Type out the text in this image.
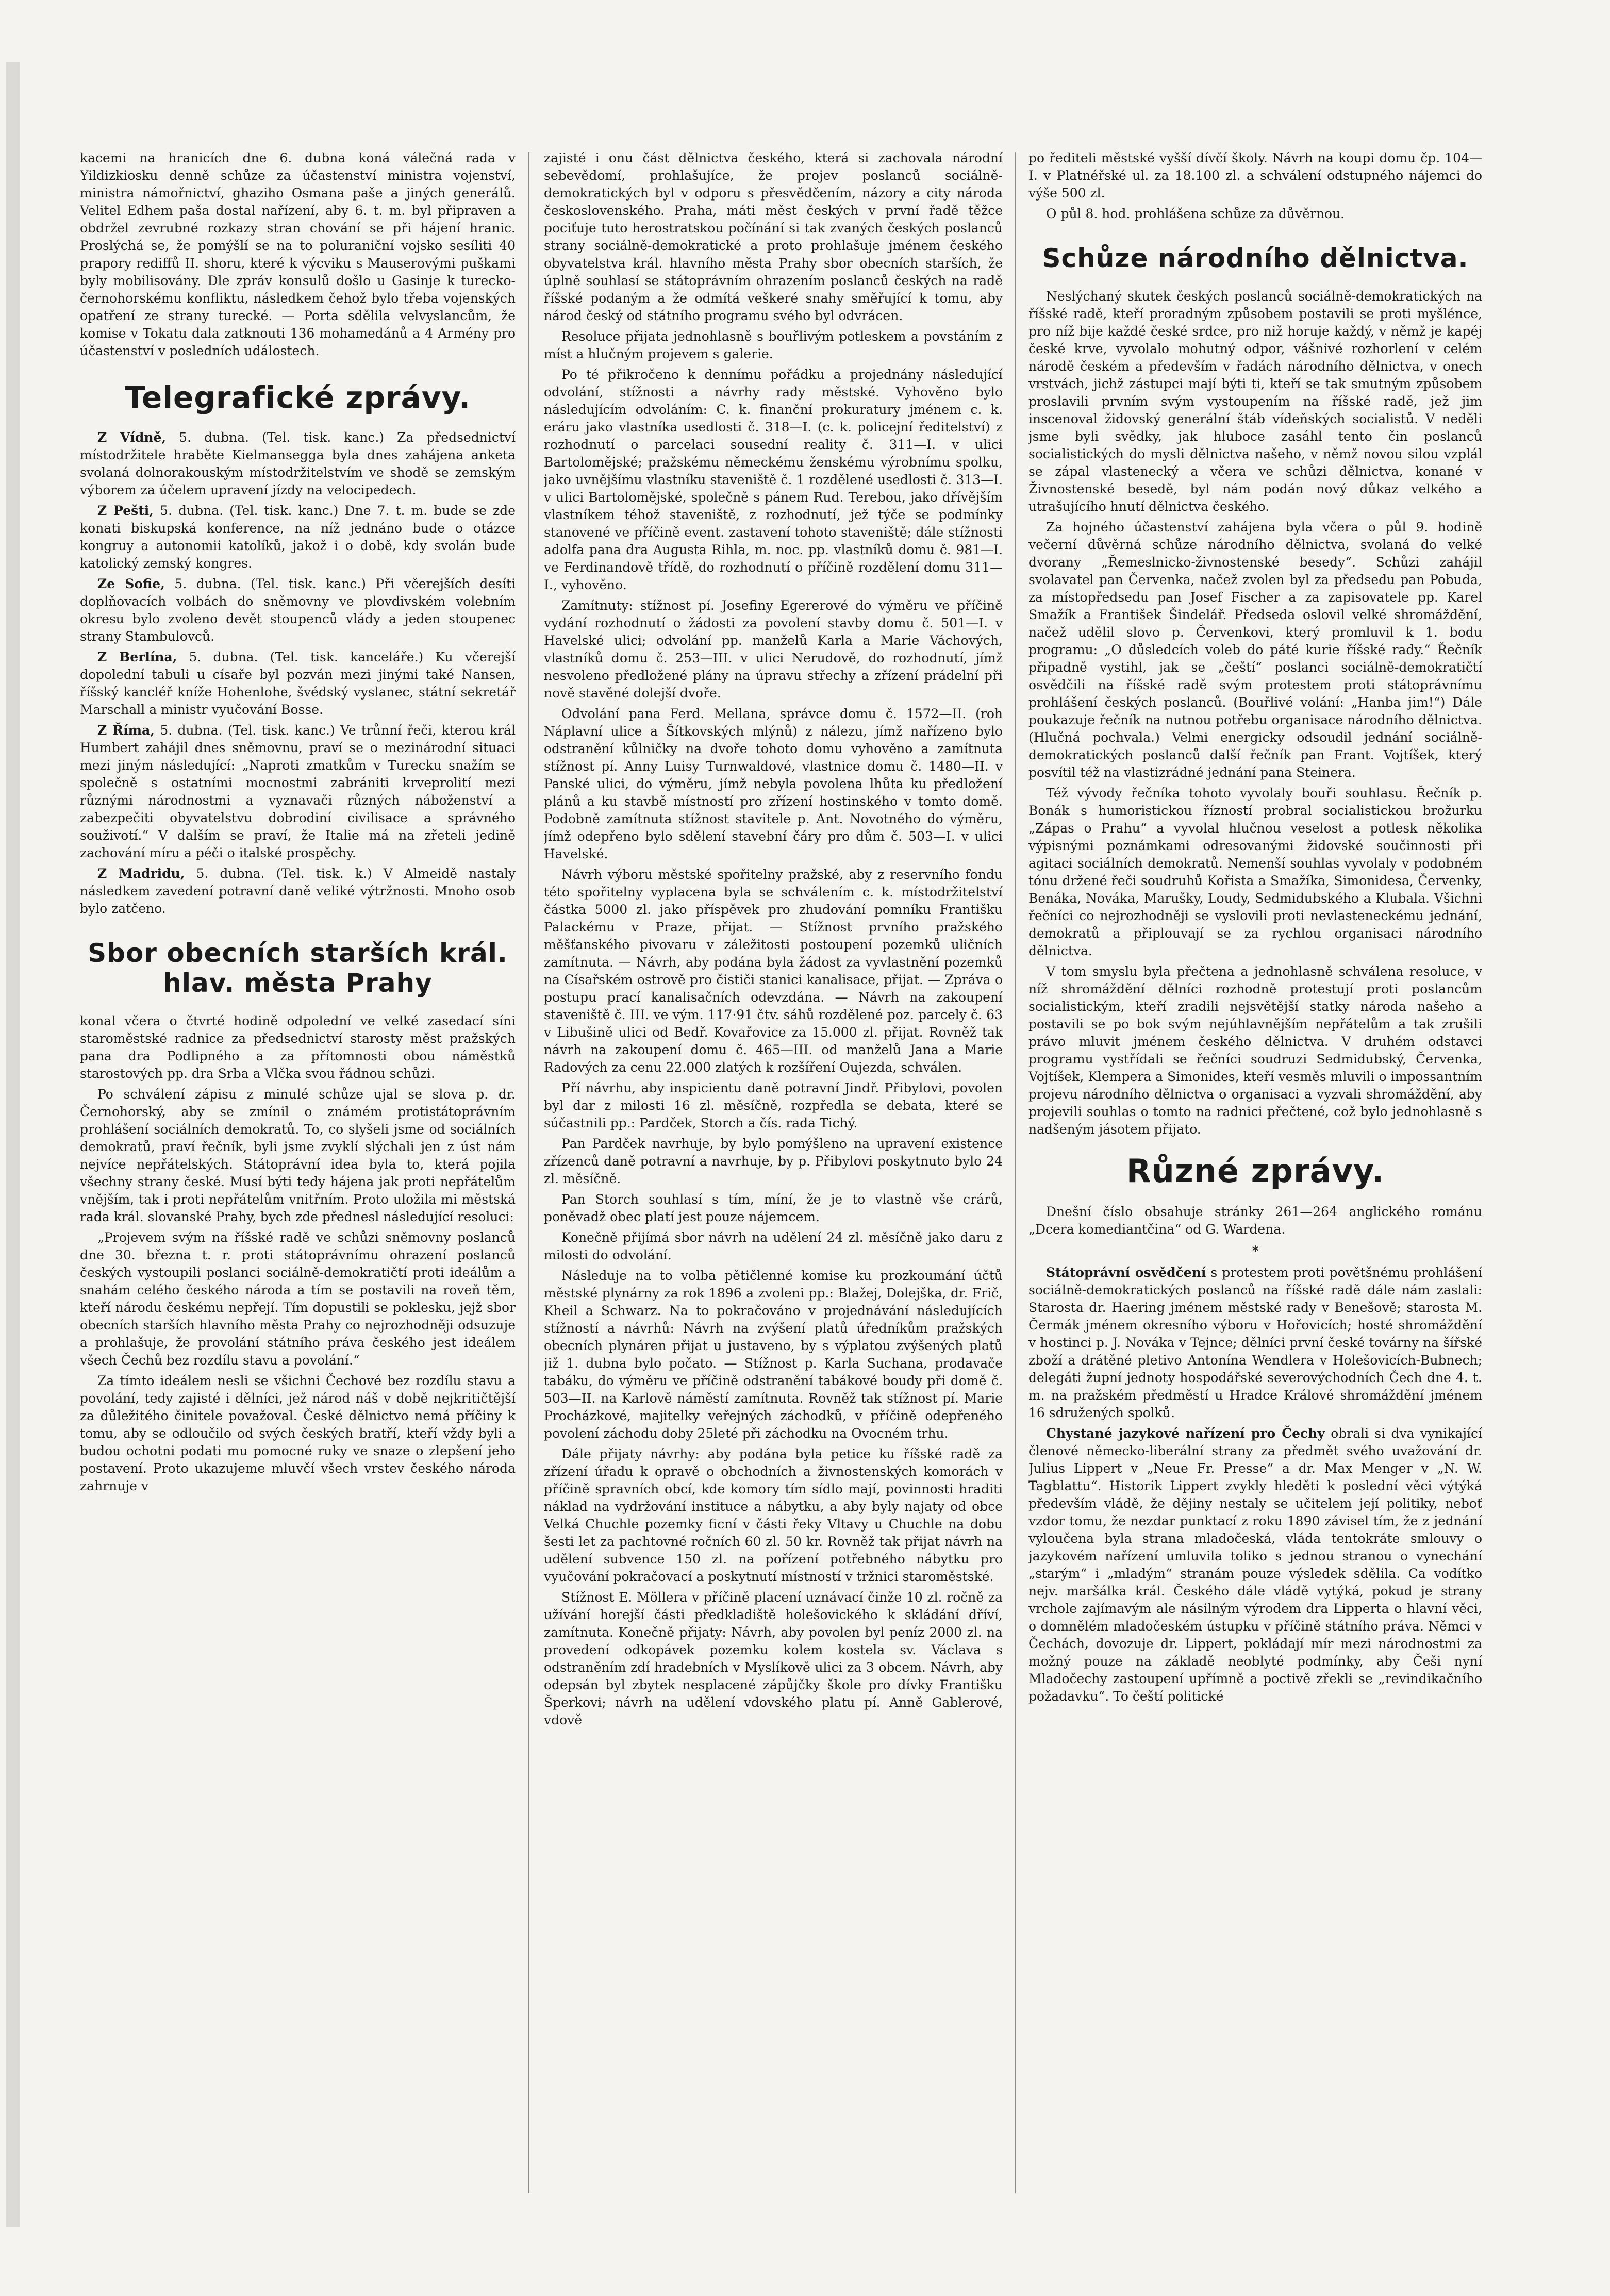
kacemi na hranicích dne 6. dubna koná válečná rada v Yildizkiosku denně schůze za účastenství ministra vojenství, ministra námořnictví, ghaziho Osmana paše a jiných generálů. Velitel Edhem paša dostal nařízení, aby 6. t. m. byl připraven a obdržel zevrubné rozkazy stran chování se při hájení hranic. Proslýchá se, že pomýšlí se na to poluraniční vojsko sesíliti 40 prapory rediffů II. shoru, které k výcviku s Mauserovými puškami byly mobilisovány. Dle zpráv konsulů došlo u Gasinje k turecko-černohorskému konfliktu, následkem čehož bylo třeba vojenských opatření ze strany turecké. — Porta sdělila velvyslancům, že komise v Tokatu dala zatknouti 136 mohamedánů a 4 Armény pro účastenství v posledních událostech.

Telegrafické zprávy.

Z Vídně, 5. dubna. (Tel. tisk. kanc.) Za předsednictví místodržitele hraběte Kielmansegga byla dnes zahájena anketa svolaná dolnorakouským místodržitelstvím ve shodě se zemským výborem za účelem upravení jízdy na velocipedech.

Z Pešti, 5. dubna. (Tel. tisk. kanc.) Dne 7. t. m. bude se zde konati biskupská konference, na níž jednáno bude o otázce kongruy a autonomii katolíků, jakož i o době, kdy svolán bude katolický zemský kongres.

Ze Sofie, 5. dubna. (Tel. tisk. kanc.) Při včerejších desíti doplňovacích volbách do sněmovny ve plovdivském volebním okresu bylo zvoleno devět stoupenců vlády a jeden stoupenec strany Stambulovců.

Z Berlína, 5. dubna. (Tel. tisk. kanceláře.) Ku včerejší dopolední tabuli u císaře byl pozván mezi jinými také Nansen, říšský kancléř kníže Hohenlohe, švédský vyslanec, státní sekretář Marschall a ministr vyučování Bosse.

Z Říma, 5. dubna. (Tel. tisk. kanc.) Ve trůnní řeči, kterou král Humbert zahájil dnes sněmovnu, praví se o mezinárodní situaci mezi jiným následující: „Naproti zmatkům v Turecku snažím se společně s ostatními mocnostmi zabrániti krveprolití mezi různými národnostmi a vyznavači různých náboženství a zabezpečiti obyvatelstvu dobrodiní civilisace a správného souživotí.“ V dalším se praví, že Italie má na zřeteli jedině zachování míru a péči o italské prospěchy.

Z Madridu, 5. dubna. (Tel. tisk. k.) V Almeidě nastaly následkem zavedení potravní daně veliké výtržnosti. Mnoho osob bylo zatčeno.

Sbor obecních starších král. hlav. města Prahy

konal včera o čtvrté hodině odpolední ve velké zasedací síni staroměstské radnice za předsednictví starosty měst pražských pana dra Podlipného a za přítomnosti obou náměstků starostových pp. dra Srba a Vlčka svou řádnou schůzi.

Po schválení zápisu z minulé schůze ujal se slova p. dr. Černohorský, aby se zmínil o známém protistátoprávním prohlášení sociálních demokratů. To, co slyšeli jsme od sociálních demokratů, praví řečník, byli jsme zvyklí slýchali jen z úst nám nejvíce nepřátelských. Státoprávní idea byla to, která pojila všechny strany české. Musí býti tedy hájena jak proti nepřátelům vnějším, tak i proti nepřátelům vnitřním. Proto uložila mi městská rada král. slovanské Prahy, bych zde přednesl následující resoluci:

„Projevem svým na říšské radě ve schůzi sněmovny poslanců dne 30. března t. r. proti státoprávnímu ohrazení poslanců českých vystoupili poslanci sociálně-demokratičtí proti ideálům a snahám celého českého národa a tím se postavili na roveň těm, kteří národu českému nepřejí. Tím dopustili se poklesku, jejž sbor obecních starších hlavního města Prahy co nejrozhodněji odsuzuje a prohlašuje, že provolání státního práva českého jest ideálem všech Čechů bez rozdílu stavu a povolání.“

Za tímto ideálem nesli se všichni Čechové bez rozdílu stavu a povolání, tedy zajisté i dělníci, jež národ náš v době nejkritičtější za důležitého činitele považoval. České dělnictvo nemá příčiny k tomu, aby se odloučilo od svých českých bratří, kteří vždy byli a budou ochotni podati mu pomocné ruky ve snaze o zlepšení jeho postavení. Proto ukazujeme mluvčí všech vrstev českého národa zahrnuje v

zajisté i onu část dělnictva českého, která si zachovala národní sebevědomí, prohlašujíce, že projev poslanců sociálně-demokratických byl v odporu s přesvědčením, názory a city národa československého. Praha, máti měst českých v první řadě těžce pociťuje tuto herostratskou počínání si tak zvaných českých poslanců strany sociálně-demokratické a proto prohlašuje jménem českého obyvatelstva král. hlavního města Prahy sbor obecních starších, že úplně souhlasí se státoprávním ohrazením poslanců českých na radě říšské podaným a že odmítá veškeré snahy směřující k tomu, aby národ český od státního programu svého byl odvrácen.

Resoluce přijata jednohlasně s bouřlivým potleskem a povstáním z míst a hlučným projevem s galerie.

Po té přikročeno k dennímu pořádku a projednány následující odvolání, stížnosti a návrhy rady městské. Vyhověno bylo následujícím odvoláním: C. k. finanční prokuratury jménem c. k. eráru jako vlastníka usedlosti č. 318—I. (c. k. policejní ředitelství) z rozhodnutí o parcelaci sousední reality č. 311—I. v ulici Bartolomějské; pražskému německému ženskému výrobnímu spolku, jako uvnějšímu vlastníku staveniště č. 1 rozdělené usedlosti č. 313—I. v ulici Bartolomějské, společně s pánem Rud. Terebou, jako dřívějším vlastníkem téhož staveniště, z rozhodnutí, jež týče se podmínky stanovené ve příčině event. zastavení tohoto staveniště; dále stížnosti adolfa pana dra Augusta Rihla, m. noc. pp. vlastníků domu č. 981—I. ve Ferdinandově třídě, do rozhodnutí o příčině rozdělení domu 311—I., vyhověno.

Zamítnuty: stížnost pí. Josefiny Egererové do výměru ve příčině vydání rozhodnutí o žádosti za povolení stavby domu č. 501—I. v Havelské ulici; odvolání pp. manželů Karla a Marie Váchových, vlastníků domu č. 253—III. v ulici Nerudově, do rozhodnutí, jímž nesvoleno předložené plány na úpravu střechy a zřízení prádelní při nově stavěné dolejší dvoře.

Odvolání pana Ferd. Mellana, správce domu č. 1572—II. (roh Náplavní ulice a Šítkovských mlýnů) z nálezu, jímž nařízeno bylo odstranění kůlničky na dvoře tohoto domu vyhověno a zamítnuta stížnost pí. Anny Luisy Turnwaldové, vlastnice domu č. 1480—II. v Panské ulici, do výměru, jímž nebyla povolena lhůta ku předložení plánů a ku stavbě místností pro zřízení hostinského v tomto domě. Podobně zamítnuta stížnost stavitele p. Ant. Novotného do výměru, jímž odepřeno bylo sdělení stavební čáry pro dům č. 503—I. v ulici Havelské.

Návrh výboru městské spořitelny pražské, aby z reservního fondu této spořitelny vyplacena byla se schválením c. k. místodržitelství částka 5000 zl. jako příspěvek pro zhudování pomníku Františku Palackému v Praze, přijat. — Stížnost prvního pražského měšťanského pivovaru v záležitosti postoupení pozemků uličních zamítnuta. — Návrh, aby podána byla žádost za vyvlastnění pozemků na Císařském ostrově pro čističi stanici kanalisace, přijat. — Zpráva o postupu prací kanalisačních odevzdána. — Návrh na zakoupení staveniště č. III. ve vým. 117·91 čtv. sáhů rozdělené poz. parcely č. 63 v Libušině ulici od Bedř. Kovařovice za 15.000 zl. přijat. Rovněž tak návrh na zakoupení domu č. 465—III. od manželů Jana a Marie Radových za cenu 22.000 zlatých k rozšíření Oujezda, schválen.

Pří návrhu, aby inspicientu daně potravní Jindř. Přibylovi, povolen byl dar z milosti 16 zl. měsíčně, rozpředla se debata, které se súčastnili pp.: Pardček, Storch a čís. rada Tichý.

Pan Pardček navrhuje, by bylo pomýšleno na upravení existence zřízenců daně potravní a navrhuje, by p. Přibylovi poskytnuto bylo 24 zl. měsíčně.

Pan Storch souhlasí s tím, míní, že je to vlastně vše crárů, poněvadž obec platí jest pouze nájemcem.

Konečně přijímá sbor návrh na udělení 24 zl. měsíčně jako daru z milosti do odvolání.

Následuje na to volba pětičlenné komise ku prozkoumání účtů městské plynárny za rok 1896 a zvoleni pp.: Blažej, Dolejška, dr. Frič, Kheil a Schwarz. Na to pokračováno v projednávání následujících stížností a návrhů: Návrh na zvýšení platů úředníkům pražských obecních plynáren přijat u justaveno, by s výplatou zvýšených platů již 1. dubna bylo počato. — Stížnost p. Karla Suchana, prodavače tabáku, do výměru ve příčině odstranění tabákové boudy při domě č. 503—II. na Karlově náměstí zamítnuta. Rovněž tak stížnost pí. Marie Procházkové, majitelky veřejných záchodků, v příčině odepřeného povolení záchodu doby 25leté při záchodku na Ovocném trhu.

Dále přijaty návrhy: aby podána byla petice ku říšské radě za zřízení úřadu k opravě o obchodních a živnostenských komorách v příčině spravních obcí, kde komory tím sídlo mají, povinnosti hraditi náklad na vydržování instituce a nábytku, a aby byly najaty od obce Velká Chuchle pozemky ficní v části řeky Vltavy u Chuchle na dobu šesti let za pachtovné ročních 60 zl. 50 kr. Rovněž tak přijat návrh na udělení subvence 150 zl. na pořízení potřebného nábytku pro vyučování pokračovací a poskytnutí místností v tržnici staroměstské.

Stížnost E. Möllera v příčině placení uznávací činže 10 zl. ročně za užívání horejší části předkladiště holešovického k skládání dříví, zamítnuta. Konečně přijaty: Návrh, aby povolen byl peníz 2000 zl. na provedení odkopávek pozemku kolem kostela sv. Václava s odstraněním zdí hradebních v Myslíkově ulici za 3 obcem. Návrh, aby odepsán byl zbytek nesplacené zápůjčky škole pro dívky Františku Šperkovi; návrh na udělení vdovského platu pí. Anně Gablerové, vdově

po řediteli městské vyšší dívčí školy. Návrh na koupi domu čp. 104—I. v Platnéřské ul. za 18.100 zl. a schválení odstupného nájemci do výše 500 zl.

O půl 8. hod. prohlášena schůze za důvěrnou.

Schůze národního dělnictva.

Neslýchaný skutek českých poslanců sociálně-demokratických na říšské radě, kteří proradným způsobem postavili se proti myšlénce, pro níž bije každé české srdce, pro niž horuje každý, v němž je kapéj české krve, vyvolalo mohutný odpor, vášnivé rozhorlení v celém národě českém a především v řadách národního dělnictva, v onech vrstvách, jichž zástupci mají býti ti, kteří se tak smutným způsobem proslavili prvním svým vystoupením na říšské radě, jež jim inscenoval židovský generální štáb vídeňských socialistů. V neděli jsme byli svědky, jak hluboce zasáhl tento čin poslanců socialistických do mysli dělnictva našeho, v němž novou silou vzplál se zápal vlastenecký a včera ve schůzi dělnictva, konané v Živnostenské besedě, byl nám podán nový důkaz velkého a utrašujícího hnutí dělnictva českého.

Za hojného účastenství zahájena byla včera o půl 9. hodině večerní důvěrná schůze národního dělnictva, svolaná do velké dvorany „Řemeslnicko-živnostenské besedy“. Schůzi zahájil svolavatel pan Červenka, načež zvolen byl za předsedu pan Pobuda, za místopředsedu pan Josef Fischer a za zapisovatele pp. Karel Smažík a František Šindelář. Předseda oslovil velké shromáždění, načež udělil slovo p. Červenkovi, který promluvil k 1. bodu programu: „O důsledcích voleb do páté kurie říšské rady.“ Řečník připadně vystihl, jak se „čeští“ poslanci sociálně-demokratičtí osvědčili na říšské radě svým protestem proti státoprávnímu prohlášení českých poslanců. (Bouřlivé volání: „Hanba jim!“) Dále poukazuje řečník na nutnou potřebu organisace národního dělnictva. (Hlučná pochvala.) Velmi energicky odsoudil jednání sociálně-demokratických poslanců další řečník pan Frant. Vojtíšek, který posvítil též na vlastizrádné jednání pana Steinera.

Též vývody řečníka tohoto vyvolaly bouři souhlasu. Řečník p. Bonák s humoristickou řízností probral socialistickou brožurku „Zápas o Prahu“ a vyvolal hlučnou veselost a potlesk několika výpisnými poznámkami odresovanými židovské součinnosti při agitaci sociálních demokratů. Nemenší souhlas vyvolaly v podobném tónu držené řeči soudruhů Kořista a Smažíka, Simonidesa, Červenky, Benáka, Nováka, Marušky, Loudy, Sedmidubského a Klubala. Všichni řečníci co nejrozhodněji se vyslovili proti nevlasteneckému jednání, demokratů a připlouvají se za rychlou organisaci národního dělnictva.

V tom smyslu byla přečtena a jednohlasně schválena resoluce, v níž shromáždění dělníci rozhodně protestují proti poslancům socialistickým, kteří zradili nejsvětější statky národa našeho a postavili se po bok svým nejúhlavnějším nepřátelům a tak zrušili právo mluvit jménem českého dělnictva. V druhém odstavci programu vystřídali se řečníci soudruzi Sedmidubský, Červenka, Vojtíšek, Klempera a Simonides, kteří vesměs mluvili o impossantním projevu národního dělnictva o organisaci a vyzvali shromáždění, aby projevili souhlas o tomto na radnici přečtené, což bylo jednohlasně s nadšeným jásotem přijato.

Různé zprávy.

Dnešní číslo obsahuje stránky 261—264 anglického románu „Dcera komediantčina“ od G. Wardena.

*

Státoprávní osvědčení s protestem proti povětšnému prohlášení sociálně-demokratických poslanců na říšské radě dále nám zaslali: Starosta dr. Haering jménem městské rady v Benešově; starosta M. Čermák jménem okresního výboru v Hořovicích; hosté shromáždění v hostinci p. J. Nováka v Tejnce; dělníci první české továrny na šířské zboží a drátěné pletivo Antonína Wendlera v Holešovicích-Bubnech; delegáti župní jednoty hospodářské severovýchodních Čech dne 4. t. m. na pražském předměstí u Hradce Králové shromáždění jménem 16 sdružených spolků.

Chystané jazykové nařízení pro Čechy obrali si dva vynikající členové německo-liberální strany za předmět svého uvažování dr. Julius Lippert v „Neue Fr. Presse“ a dr. Max Menger v „N. W. Tagblattu“. Historik Lippert zvykly hleděti k poslední věci výtýká především vládě, že dějiny nestaly se učitelem její politiky, neboť vzdor tomu, že nezdar punktací z roku 1890 závisel tím, že z jednání vyloučena byla strana mladočeská, vláda tentokráte smlouvy o jazykovém nařízení umluvila toliko s jednou stranou o vynechání „starým“ i „mladým“ stranám pouze výsledek sdělila. Ca vodítko nejv. maršálka král. Českého dále vládě vytýká, pokud je strany vrchole zajímavým ale násilným výrodem dra Lipperta o hlavní věci, o domnělém mladočeském ústupku v příčině státního práva. Němci v Čechách, dovozuje dr. Lippert, pokládají mír mezi národnostmi za možný pouze na základě neoblyté podmínky, aby Češi nyní Mladočechy zastoupení upřímně a poctivě zřekli se „revindikačního požadavku“. To čeští politické
